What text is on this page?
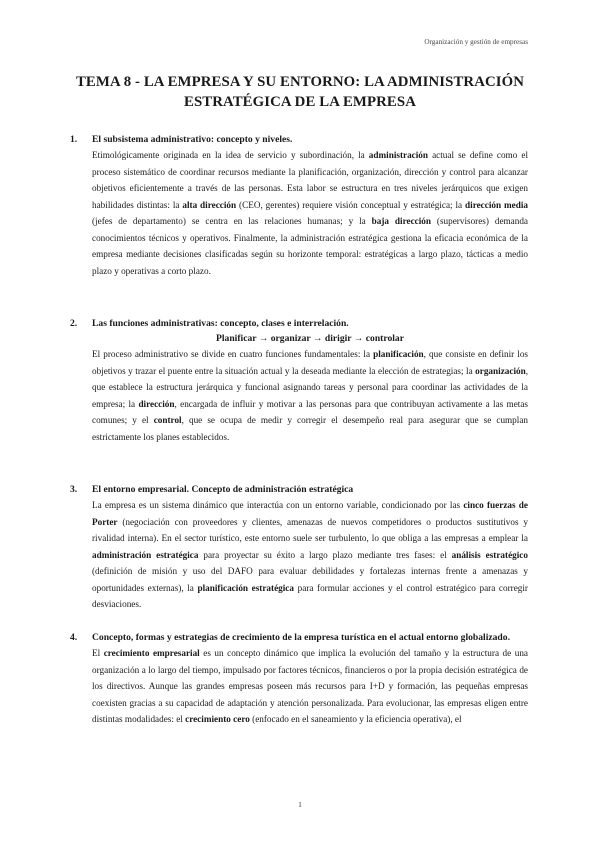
Organización y gestión de empresas
TEMA 8 - LA EMPRESA Y SU ENTORNO: LA ADMINISTRACIÓN
ESTRATÉGICA DE LA EMPRESA
1. El subsistema administrativo: concepto y niveles.

Etimológicamente originada en la idea de servicio y subordinación, la administración actual se define como el proceso sistemático de coordinar recursos mediante la planificación, organización, dirección y control para alcanzar objetivos eficientemente a través de las personas. Esta labor se estructura en tres niveles jerárquicos que exigen habilidades distintas: la alta dirección (CEO, gerentes) requiere visión conceptual y estratégica; la dirección media (jefes de departamento) se centra en las relaciones humanas; y la baja dirección (supervisores) demanda conocimientos técnicos y operativos. Finalmente, la administración estratégica gestiona la eficacia económica de la empresa mediante decisiones clasificadas según su horizonte temporal: estratégicas a largo plazo, tácticas a medio plazo y operativas a corto plazo.

2. Las funciones administrativas: concepto, clases e interrelación.
Planificar → organizar → dirigir → controlar

El proceso administrativo se divide en cuatro funciones fundamentales: la planificación, que consiste en definir los objetivos y trazar el puente entre la situación actual y la deseada mediante la elección de estrategias; la organización, que establece la estructura jerárquica y funcional asignando tareas y personal para coordinar las actividades de la empresa; la dirección, encargada de influir y motivar a las personas para que contribuyan activamente a las metas comunes; y el control, que se ocupa de medir y corregir el desempeño real para asegurar que se cumplan estrictamente los planes establecidos.

3. El entorno empresarial. Concepto de administración estratégica

La empresa es un sistema dinámico que interactúa con un entorno variable, condicionado por las cinco fuerzas de Porter (negociación con proveedores y clientes, amenazas de nuevos competidores o productos sustitutivos y rivalidad interna). En el sector turístico, este entorno suele ser turbulento, lo que obliga a las empresas a emplear la administración estratégica para proyectar su éxito a largo plazo mediante tres fases: el análisis estratégico (definición de misión y uso del DAFO para evaluar debilidades y fortalezas internas frente a amenazas y oportunidades externas), la planificación estratégica para formular acciones y el control estratégico para corregir desviaciones.

4. Concepto, formas y estrategias de crecimiento de la empresa turística en el actual entorno globalizado.

El crecimiento empresarial es un concepto dinámico que implica la evolución del tamaño y la estructura de una organización a lo largo del tiempo, impulsado por factores técnicos, financieros o por la propia decisión estratégica de los directivos. Aunque las grandes empresas poseen más recursos para I+D y formación, las pequeñas empresas coexisten gracias a su capacidad de adaptación y atención personalizada. Para evolucionar, las empresas eligen entre distintas modalidades: el crecimiento cero (enfocado en el saneamiento y la eficiencia operativa), el

1
